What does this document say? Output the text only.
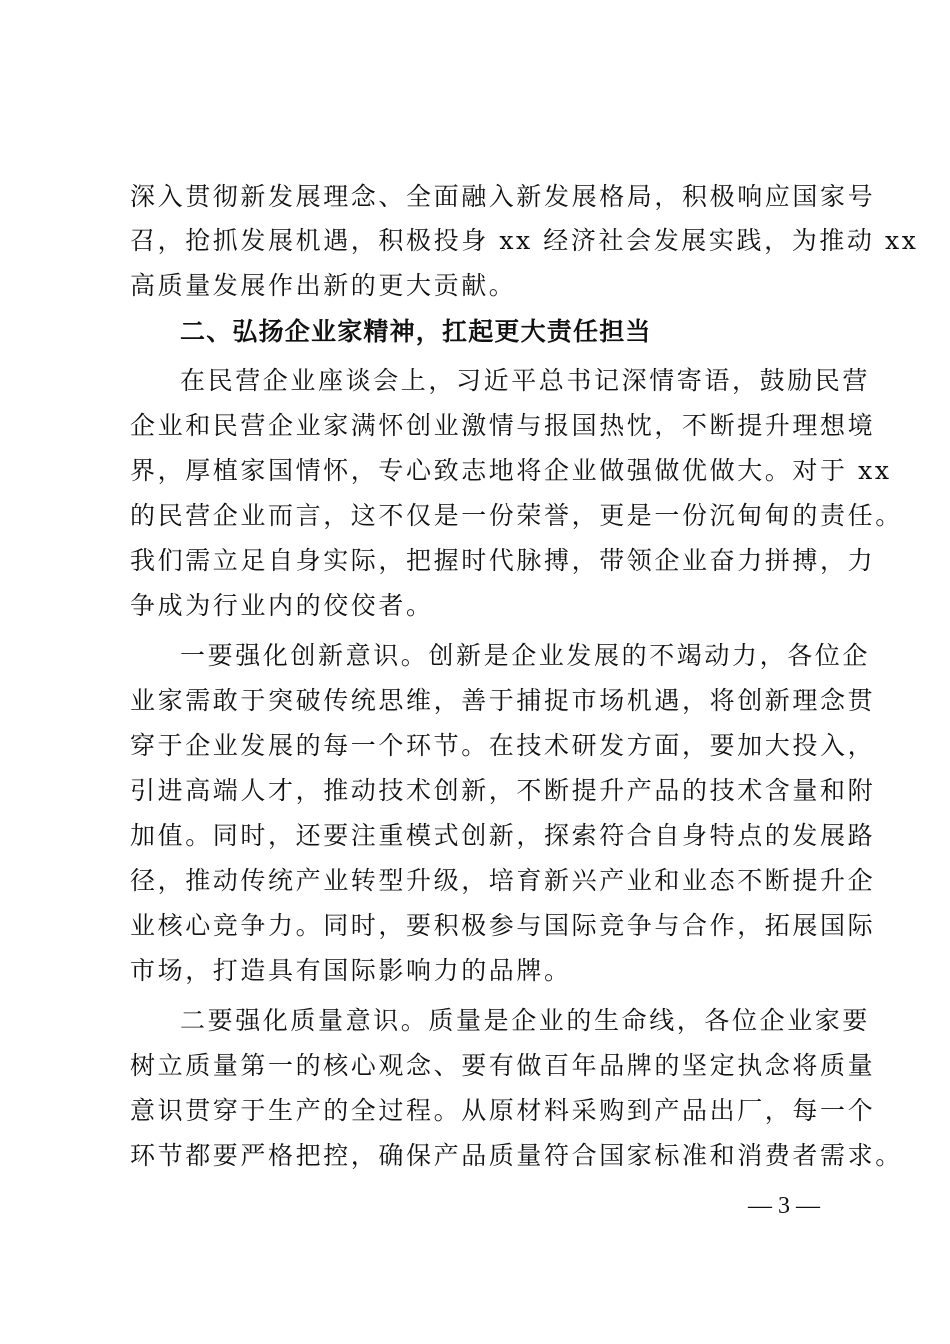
深入贯彻新发展理念、全面融入新发展格局，积极响应国家号
召，抢抓发展机遇，积极投身 xx 经济社会发展实践，为推动 xx
高质量发展作出新的更大贡献。
二、弘扬企业家精神，扛起更大责任担当
在民营企业座谈会上，习近平总书记深情寄语，鼓励民营
企业和民营企业家满怀创业激情与报国热忱，不断提升理想境
界，厚植家国情怀，专心致志地将企业做强做优做大。对于 xx
的民营企业而言，这不仅是一份荣誉，更是一份沉甸甸的责任。
我们需立足自身实际，把握时代脉搏，带领企业奋力拼搏，力
争成为行业内的佼佼者。
一要强化创新意识。创新是企业发展的不竭动力，各位企
业家需敢于突破传统思维，善于捕捉市场机遇，将创新理念贯
穿于企业发展的每一个环节。在技术研发方面，要加大投入，
引进高端人才，推动技术创新，不断提升产品的技术含量和附
加值。同时，还要注重模式创新，探索符合自身特点的发展路
径，推动传统产业转型升级，培育新兴产业和业态不断提升企
业核心竞争力。同时，要积极参与国际竞争与合作，拓展国际
市场，打造具有国际影响力的品牌。
二要强化质量意识。质量是企业的生命线，各位企业家要
树立质量第一的核心观念、要有做百年品牌的坚定执念将质量
意识贯穿于生产的全过程。从原材料采购到产品出厂，每一个
环节都要严格把控，确保产品质量符合国家标准和消费者需求。
— 3 —
